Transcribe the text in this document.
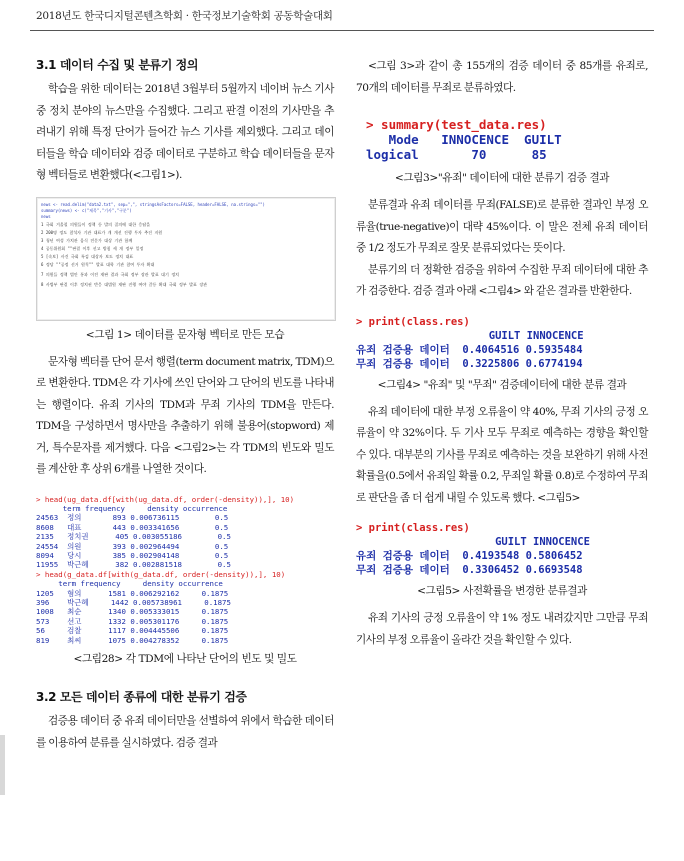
2018년도 한국디지털콘텐츠학회 · 한국정보기술학회 공동학술대회
3.1 데이터 수집 및 분류기 정의

학습을 위한 데이터는 2018년 3월부터 5월까지 네이버 뉴스 기사 중 정치 분야의 뉴스만을 수집했다. 그리고 판결 이전의 기사만을 추려내기 위해 특정 단어가 들어간 뉴스 기사를 제외했다. 그리고 데이터들을 학습 데이터와 검증 데이터로 구분하고 학습 데이터들을 문자형 벡터들로 변환했다(<그림1>).

news <- read.delim("data2.txt", sep=",", stringsAsFactors=FALSE, header=FALSE, na.strings="")
summary(news) <- c("제목","기사","구분")
news
1 국회 겨울철 의원들이 정책 등 발의 질의에 대한 응답을
2 200명 정도 참석자 기관 대표가 개 개선 진행 투자 추진 지원
3 청년 여성 가치관 음식 전문가 대상 기관 함께
4 공동위원회 ""판결 이후 선고 방침 세 개 정부 일정
5 [속보] 사건 국회 특검 대상자 보도 정치 대표
6 정당 ""공정 선거 원칙"" 발표 대학 기관 참여 투자 확대
7 의원들 정책 법안 통과 이전 재판 결과 국회 정부 장관 발표 대기 정치
8 사법부 판결 이후 정치권 반응 대법원 재판 진행 여야 갈등 확대 국회 정부 발표 장관
<그림 1> 데이터를 문자형 벡터로 만든 모습

문자형 벡터를 단어 문서 행렬(term document matrix, TDM)으로 변환한다. TDM은 각 기사에 쓰인 단어와 그 단어의 빈도를 나타내는 행렬이다. 유죄 기사의 TDM과 무죄 기사의 TDM을 만든다. TDM을 구성하면서 명사만을 추출하기 위해 불용어(stopword) 제거, 특수문자를 제거했다. 다음 <그림2>는 각 TDM의 빈도와 밀도를 계산한 후 상위 6개를 나열한 것이다.

> head(ug_data.df[with(ug_data.df, order(-density)),], 10)
term frequency     density occurrence
24563  정의       893 0.006736115        0.5
8608   대표       443 0.003341656        0.5
2135   정치권      405 0.003055186        0.5
24554  의원       393 0.002964494        0.5
8094   당시       385 0.002904148        0.5
11955  박근혜      382 0.002881518        0.5
> head(g_data.df[with(g_data.df, order(-density)),], 10)
term frequency     density occurrence
1205   혐의      1581 0.006292162     0.1875
396    박근혜     1442 0.005738961     0.1875
1008   최순      1340 0.005333015     0.1875
573    선고      1332 0.005301176     0.1875
56     검찰      1117 0.004445506     0.1875
819    최씨      1075 0.004278352     0.1875
<그림28> 각 TDM에 나타난 단어의 빈도 및 밀도
3.2 모든 데이터 종류에 대한 분류기 검증

검증용 데이터 중 유죄 데이터만을 선별하여 위에서 학습한 데이터를 이용하여 분류를 실시하였다. 검증 결과

<그림 3>과 같이 총 155개의 검증 데이터 중 85개를 유죄로, 70개의 데이터를 무죄로 분류하였다.

> summary(test_data.res)
Mode   INNOCENCE  GUILT
logical       70      85
<그림3>"유죄" 데이터에 대한 분류기 검증 결과

분류결과 유죄 데이터를 무죄(FALSE)로 분류한 결과인 부정 오류율(true-negative)이 대략 45%이다. 이 말은 전체 유죄 데이터 중 1/2 정도가 무죄로 잘못 분류되었다는 뜻이다.

분류기의 더 정확한 검증을 위하여 수집한 무죄 데이터에 대한 추가 검증한다. 검증 결과 아래 <그림4> 와 같은 결과를 반환한다.

> print(class.res)
GUILT INNOCENCE
유죄 검증용 데이터  0.4064516 0.5935484
무죄 검증용 데이터  0.3225806 0.6774194
<그림4> "유죄" 및 "무죄" 검증데이터에 대한 분류 결과

유죄 데이터에 대한 부정 오류율이 약 40%, 무죄 기사의 긍정 오류율이 약 32%이다. 두 기사 모두 무죄로 예측하는 경향을 확인할 수 있다. 대부분의 기사를 무죄로 예측하는 것을 보완하기 위해 사전 확률을(0.5에서 유죄일 확률 0.2, 무죄일 확률 0.8)로 수정하여 무죄로 판단을 좀 더 쉽게 내릴 수 있도록 했다. <그림5>

> print(class.res)
GUILT INNOCENCE
유죄 검증용 데이터  0.4193548 0.5806452
무죄 검증용 데이터  0.3306452 0.6693548
<그림5> 사전확률을 변경한 분류결과

유죄 기사의 긍정 오류율이 약 1% 정도 내려갔지만 그만큼 무죄 기사의 부정 오류율이 올라간 것을 확인할 수 있다.
